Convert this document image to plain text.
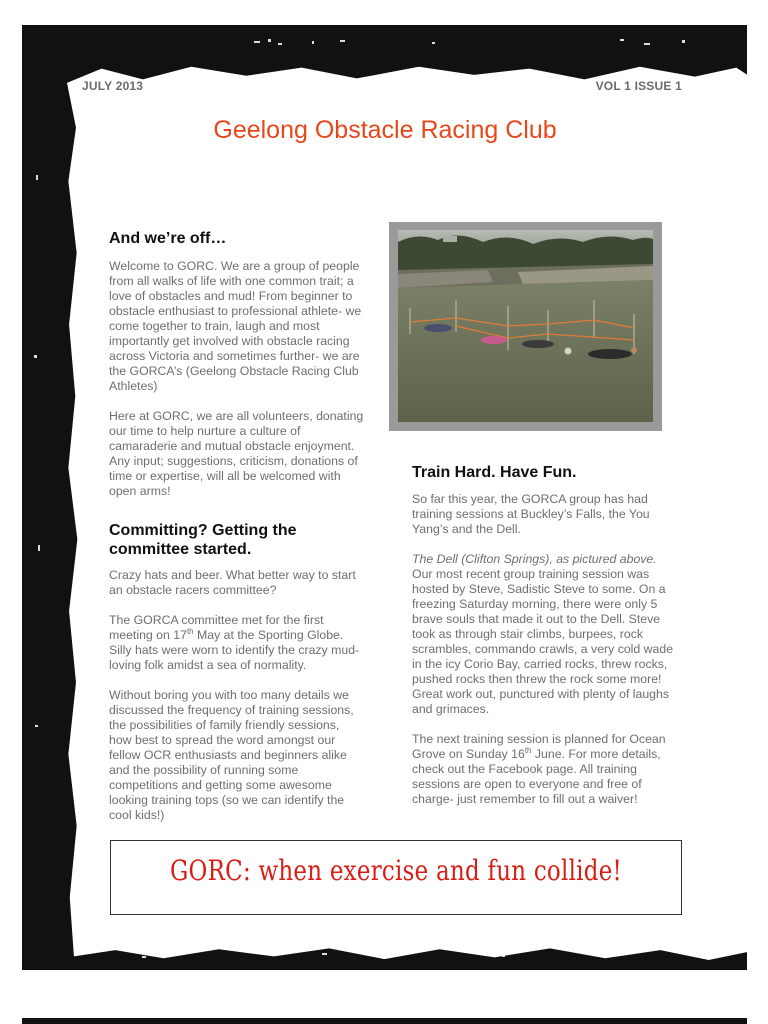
JULY 2013	VOL 1 ISSUE 1
Geelong Obstacle Racing Club
And we’re off…

Welcome to GORC. We are a group of people from all walks of life with one common trait; a love of obstacles and mud! From beginner to obstacle enthusiast to professional athlete- we come together to train, laugh and most importantly get involved with obstacle racing across Victoria and sometimes further- we are the GORCA’s (Geelong Obstacle Racing Club Athletes)

Here at GORC, we are all volunteers, donating our time to help nurture a culture of camaraderie and mutual obstacle enjoyment. Any input; suggestions, criticism, donations of time or expertise, will all be welcomed with open arms!

Committing? Getting the committee started.

Crazy hats and beer. What better way to start an obstacle racers committee?

The GORCA committee met for the first meeting on 17th May at the Sporting Globe. Silly hats were worn to identify the crazy mud-loving folk amidst a sea of normality.

Without boring you with too many details we discussed the frequency of training sessions, the possibilities of family friendly sessions, how best to spread the word amongst our fellow OCR enthusiasts and beginners alike and the possibility of running some competitions and getting some awesome looking training tops (so we can identify the cool kids!)

Train Hard. Have Fun.

So far this year, the GORCA group has had training sessions at Buckley’s Falls, the You Yang’s and the Dell.

The Dell (Clifton Springs), as pictured above. Our most recent group training session was hosted by Steve, Sadistic Steve to some. On a freezing Saturday morning, there were only 5 brave souls that made it out to the Dell. Steve took as through stair climbs, burpees, rock scrambles, commando crawls, a very cold wade in the icy Corio Bay, carried rocks, threw rocks, pushed rocks then threw the rock some more! Great work out, punctured with plenty of laughs and grimaces.

The next training session is planned for Ocean Grove on Sunday 16th June. For more details, check out the Facebook page. All training sessions are open to everyone and free of charge- just remember to fill out a waiver!

GORC: when exercise and fun collide!
